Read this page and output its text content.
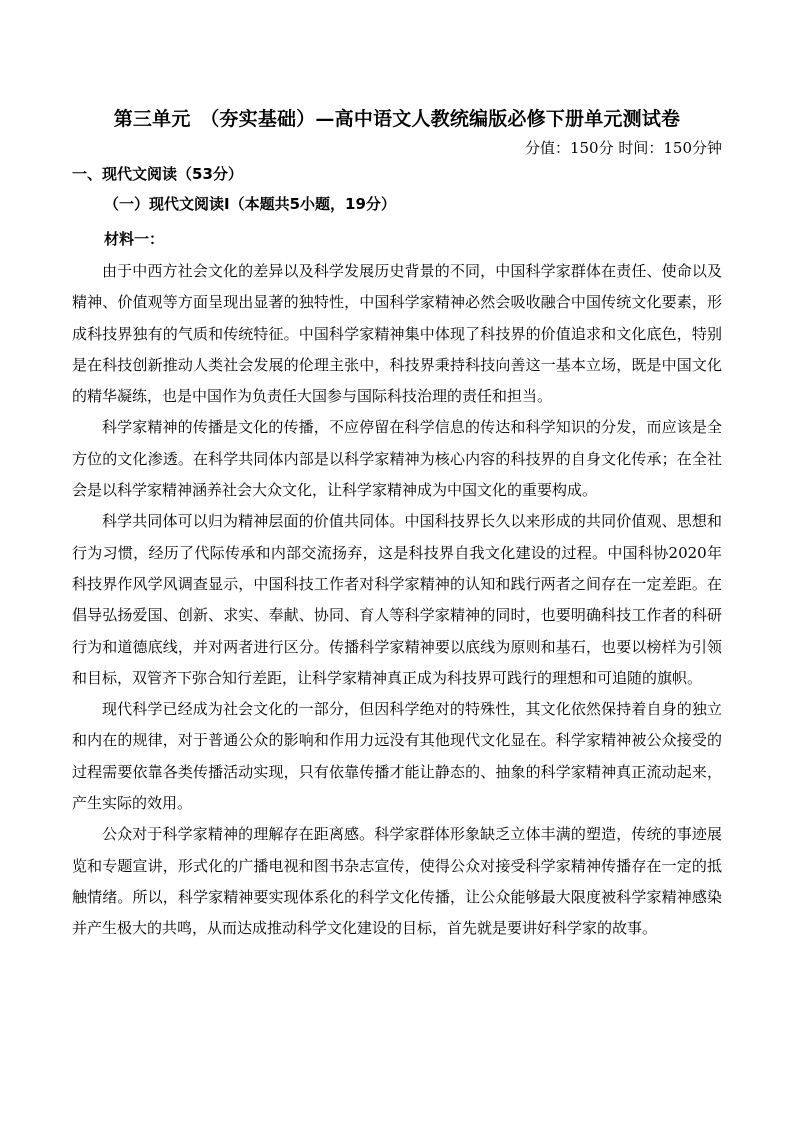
第三单元　（夯实基础）—高中语文人教统编版必修下册单元测试卷
分值：150分 时间：150分钟
一、现代文阅读（53分）
（一）现代文阅读Ⅰ（本题共5小题，19分）
材料一：

由于中西方社会文化的差异以及科学发展历史背景的不同，中国科学家群体在责任、使命以及精神、价值观等方面呈现出显著的独特性，中国科学家精神必然会吸收融合中国传统文化要素，形成科技界独有的气质和传统特征。中国科学家精神集中体现了科技界的价值追求和文化底色，特别是在科技创新推动人类社会发展的伦理主张中，科技界秉持科技向善这一基本立场，既是中国文化的精华凝练，也是中国作为负责任大国参与国际科技治理的责任和担当。

科学家精神的传播是文化的传播，不应停留在科学信息的传达和科学知识的分发，而应该是全方位的文化渗透。在科学共同体内部是以科学家精神为核心内容的科技界的自身文化传承；在全社会是以科学家精神涵养社会大众文化，让科学家精神成为中国文化的重要构成。

科学共同体可以归为精神层面的价值共同体。中国科技界长久以来形成的共同价值观、思想和行为习惯，经历了代际传承和内部交流扬弃，这是科技界自我文化建设的过程。中国科协2020年科技界作风学风调查显示，中国科技工作者对科学家精神的认知和践行两者之间存在一定差距。在倡导弘扬爱国、创新、求实、奉献、协同、育人等科学家精神的同时，也要明确科技工作者的科研行为和道德底线，并对两者进行区分。传播科学家精神要以底线为原则和基石，也要以榜样为引领和目标，双管齐下弥合知行差距，让科学家精神真正成为科技界可践行的理想和可追随的旗帜。

现代科学已经成为社会文化的一部分，但因科学绝对的特殊性，其文化依然保持着自身的独立和内在的规律，对于普通公众的影响和作用力远没有其他现代文化显在。科学家精神被公众接受的过程需要依靠各类传播活动实现，只有依靠传播才能让静态的、抽象的科学家精神真正流动起来，产生实际的效用。

公众对于科学家精神的理解存在距离感。科学家群体形象缺乏立体丰满的塑造，传统的事迹展览和专题宣讲，形式化的广播电视和图书杂志宣传，使得公众对接受科学家精神传播存在一定的抵触情绪。所以，科学家精神要实现体系化的科学文化传播，让公众能够最大限度被科学家精神感染并产生极大的共鸣，从而达成推动科学文化建设的目标，首先就是要讲好科学家的故事。
